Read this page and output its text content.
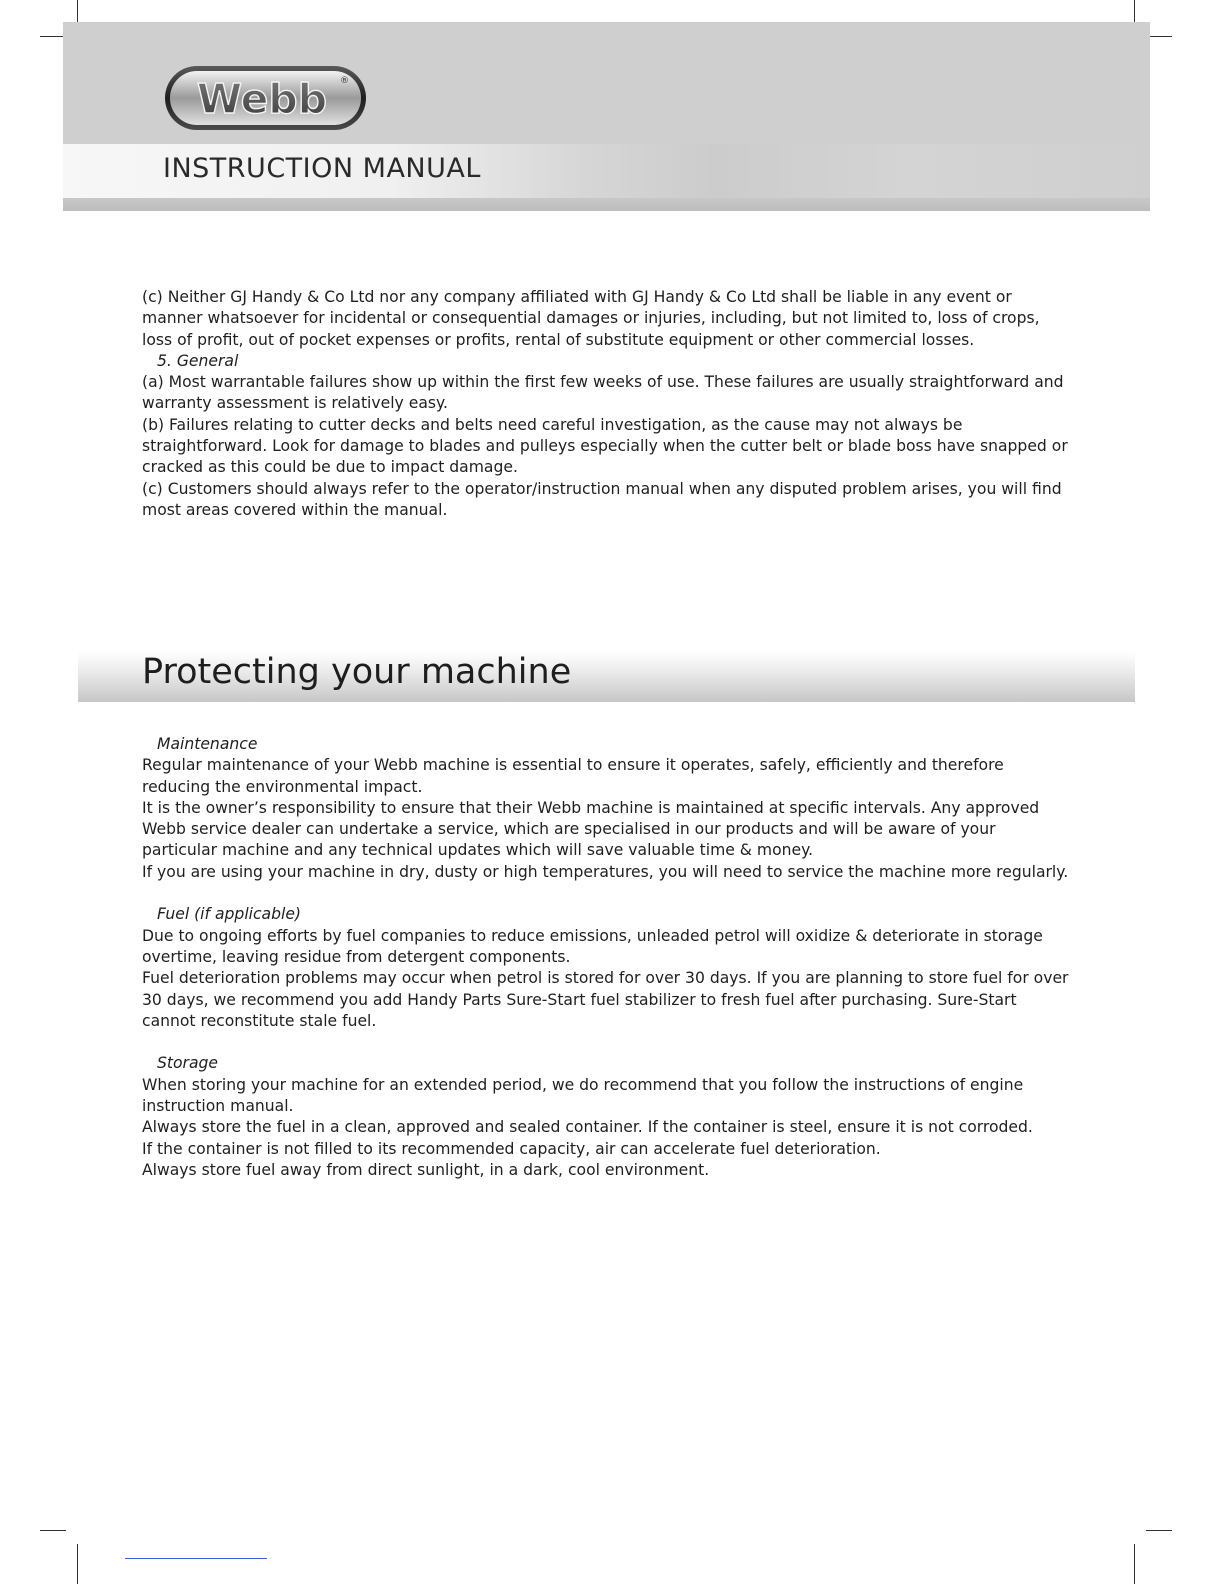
Webb ®
INSTRUCTION MANUAL

(c) Neither GJ Handy & Co Ltd nor any company affiliated with GJ Handy & Co Ltd shall be liable in any event or manner whatsoever for incidental or consequential damages or injuries, including, but not limited to, loss of crops, loss of profit, out of pocket expenses or profits, rental of substitute equipment or other commercial losses.

5. General

(a) Most warrantable failures show up within the first few weeks of use. These failures are usually straightforward and warranty assessment is relatively easy.

(b) Failures relating to cutter decks and belts need careful investigation, as the cause may not always be straightforward. Look for damage to blades and pulleys especially when the cutter belt or blade boss have snapped or cracked as this could be due to impact damage.

(c) Customers should always refer to the operator/instruction manual when any disputed problem arises, you will find most areas covered within the manual.

Protecting your machine

Maintenance

Regular maintenance of your Webb machine is essential to ensure it operates, safely, efficiently and therefore reducing the environmental impact.

It is the owner’s responsibility to ensure that their Webb machine is maintained at specific intervals. Any approved Webb service dealer can undertake a service, which are specialised in our products and will be aware of your particular machine and any technical updates which will save valuable time & money.

If you are using your machine in dry, dusty or high temperatures, you will need to service the machine more regularly.

Fuel (if applicable)

Due to ongoing efforts by fuel companies to reduce emissions, unleaded petrol will oxidize & deteriorate in storage overtime, leaving residue from detergent components.

Fuel deterioration problems may occur when petrol is stored for over 30 days. If you are planning to store fuel for over 30 days, we recommend you add Handy Parts Sure-Start fuel stabilizer to fresh fuel after purchasing. Sure-Start cannot reconstitute stale fuel.

Storage

When storing your machine for an extended period, we do recommend that you follow the instructions of engine instruction manual.

Always store the fuel in a clean, approved and sealed container. If the container is steel, ensure it is not corroded.

If the container is not filled to its recommended capacity, air can accelerate fuel deterioration.

Always store fuel away from direct sunlight, in a dark, cool environment.
